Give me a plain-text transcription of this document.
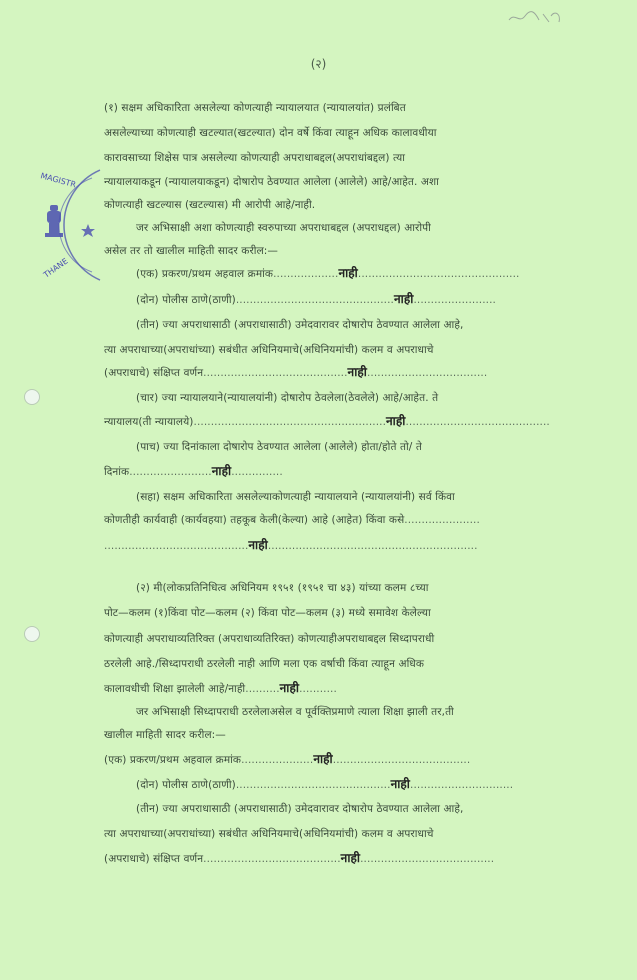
(२)
MAGISTR
THANE
(१) सक्षम अधिकारिता असलेल्या कोणत्याही न्यायालयात (न्यायालयांत) प्रलंबित
असलेल्याच्या कोणत्याही खटल्यात(खटल्यात) दोन वर्षे किंवा त्याहून अधिक कालावधीया
कारावसाच्या शिक्षेस पात्र असलेल्या कोणत्याही अपराधाबद्दल(अपराधांबद्दल) त्या
न्यायालयाकडून (न्यायालयाकडून) दोषारोप ठेवण्यात आलेला (आलेले) आहे/आहेत. अशा
कोणत्याही खटल्यास (खटल्यास) मी आरोपी आहे/नाही.
जर अभिसाक्षी अशा कोणत्याही स्वरुपाच्या अपराधाबद्दल (अपराधद्दल) आरोपी
असेल तर तो खालील माहिती सादर करील:—
(एक) प्रकरण/प्रथम अहवाल क्रमांक...................नाही...............................................
(दोन) पोलीस ठाणे(ठाणी)..............................................नाही........................
(तीन) ज्या अपराधासाठी (अपराधासाठी) उमेदवारावर दोषारोप ठेवण्यात आलेला आहे,
त्या अपराधाच्या(अपराधांच्या) सबंधीत अधिनियमाचे(अधिनियमांची) कलम व अपराधाचे
(अपराधाचे) संक्षिप्त वर्णन..........................................नाही...................................
(चार) ज्या न्यायालयाने(न्यायालयांनी) दोषारोप ठेवलेला(ठेवलेले) आहे/आहेत. ते
न्यायालय(ती न्यायालये)........................................................नाही..........................................
(पाच) ज्या दिनांकाला दोषारोप ठेवण्यात आलेला (आलेले) होता/होते तो/ ते
दिनांक........................नाही...............
(सहा) सक्षम अधिकारिता असलेल्याकोणत्याही न्यायालयाने (न्यायालयांनी) सर्व किंवा
कोणतीही कार्यवाही (कार्यवहया) तहकूब केली(केल्या) आहे (आहेत) किंवा कसे......................
..........................................नाही.............................................................
(२) मी(लोकप्रतिनिधित्व अधिनियम १९५१ (१९५१ चा ४३) यांच्या कलम ८च्या
पोट—कलम (१)किंवा पोट—कलम (२) किंवा पोट—कलम (३) मध्ये समावेश केलेल्या
कोणत्याही अपराधाव्यतिरिक्त (अपराधाव्यतिरिक्त) कोणत्याहीअपराधाबद्दल सिध्दापराधी
ठरलेली आहे./सिध्दापराधी ठरलेली नाही आणि मला एक वर्षाची किंवा त्याहून अधिक
कालावधीची शिक्षा झालेली आहे/नाही..........नाही...........
जर अभिसाक्षी सिध्दापराधी ठरलेलाअसेल व पूर्वक्तिप्रमाणे त्याला शिक्षा झाली तर,ती
खालील माहिती सादर करील:—
(एक) प्रकरण/प्रथम अहवाल क्रमांक.....................नाही........................................
(दोन) पोलीस ठाणे(ठाणी).............................................नाही..............................
(तीन) ज्या अपराधासाठी (अपराधासाठी) उमेदवारावर दोषारोप ठेवण्यात आलेला आहे,
त्या अपराधाच्या(अपराधांच्या) सबंधीत अधिनियमाचे(अधिनियमांची) कलम व अपराधाचे
(अपराधाचे) संक्षिप्त वर्णन........................................नाही.......................................
